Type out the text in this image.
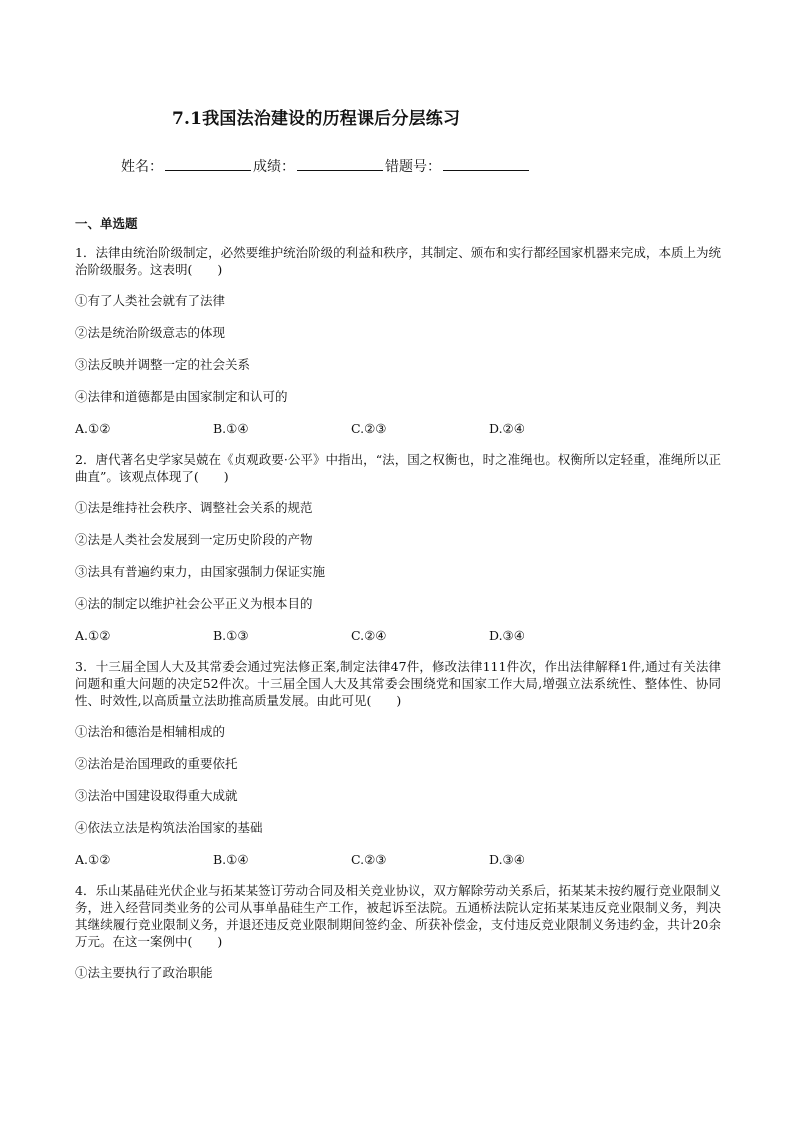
7.1我国法治建设的历程课后分层练习
姓名：	成绩：	错题号：
一、单选题

1．法律由统治阶级制定，必然要维护统治阶级的利益和秩序，其制定、颁布和实行都经国家机器来完成，本质上为统治阶级服务。这表明(　　)

①有了人类社会就有了法律

②法是统治阶级意志的体现

③法反映并调整一定的社会关系

④法律和道德都是由国家制定和认可的

A.①②	B.①④	C.②③	D.②④

2．唐代著名史学家吴兢在《贞观政要·公平》中指出，“法，国之权衡也，时之准绳也。权衡所以定轻重，准绳所以正曲直”。该观点体现了(　　)

①法是维持社会秩序、调整社会关系的规范

②法是人类社会发展到一定历史阶段的产物

③法具有普遍约束力，由国家强制力保证实施

④法的制定以维护社会公平正义为根本目的

A.①②	B.①③	C.②④	D.③④

3．十三届全国人大及其常委会通过宪法修正案,制定法律47件，修改法律111件次，作出法律解释1件,通过有关法律问题和重大问题的决定52件次。十三届全国人大及其常委会围绕党和国家工作大局,增强立法系统性、整体性、协同性、时效性,以高质量立法助推高质量发展。由此可见(　　)

①法治和德治是相辅相成的

②法治是治国理政的重要依托

③法治中国建设取得重大成就

④依法立法是构筑法治国家的基础

A.①②	B.①④	C.②③	D.③④

4．乐山某晶硅光伏企业与拓某某签订劳动合同及相关竞业协议，双方解除劳动关系后，拓某某未按约履行竞业限制义务，进入经营同类业务的公司从事单晶硅生产工作，被起诉至法院。五通桥法院认定拓某某违反竞业限制义务，判决其继续履行竞业限制义务，并退还违反竞业限制期间签约金、所获补偿金，支付违反竞业限制义务违约金，共计20余万元。在这一案例中(　　)

①法主要执行了政治职能
